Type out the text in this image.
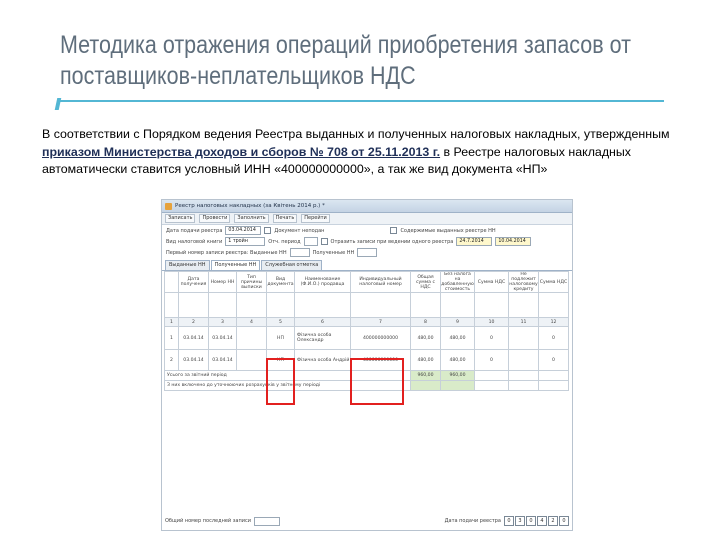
Методика отражения операций приобретения запасов от
поставщиков-неплательщиков НДС
В соответствии с Порядком ведения Реестра выданных и полученных налоговых накладных, утвержденным приказом Министерства доходов и сборов № 708 от 25.11.2013 г. в Реестре налоговых накладных автоматически ставится условный ИНН «400000000000», а так же вид документа «НП»
Реестр налоговых накладных (за Квітень 2014 р.) *
Записать	Провести	Заполнить	Печать	Перейти
Дата подачи реестра	03.04.2014	Документ неподан	Содержимые выданных реестре НН
Вид налоговой книги	1 тройн	Отч. период	Отразить записи при ведении одного реестра	24.7.2014	10.04.2014
Первый номер записи реестра: Выданные НН	Полученные НН
Выданные НН	Полученные НН	Служебная отметка
	Дата получения	Номер НН	Тип причины выписки	Вид документа	Наименование (Ф.И.О.) продавца	Индивидуальный налоговый номер	Общая сумма с НДС	Без налога на добавленную стоимость	Сумма НДС	Не подлежит налоговому кредиту	Сумма НДС

1	2	3	4	5	6	7	8	9	10	11	12
1	03.04.14	03.04.14		НП	Фізична особа Олександр	400000000000	480,00	480,00	0		0
2	03.04.14	03.04.14		НП	Фізична особа Андрій	400000000000	480,00	480,00	0		0
Усього за звітний період							960,00	960,00			
З них включено до уточнюючих розрахунків у звітному періоді											
Общий номер последней записи	Дата подачи реестра	0	3	0	4	2	0
